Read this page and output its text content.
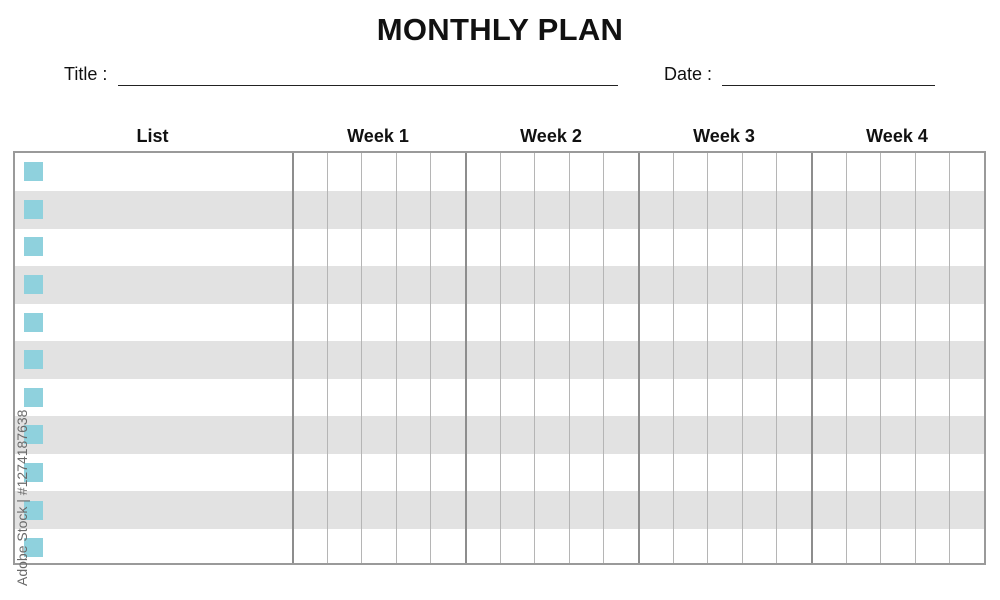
MONTHLY PLAN
Title :	Date :
List	Week 1	Week 2	Week 3	Week 4
Adobe Stock | #1274187638
